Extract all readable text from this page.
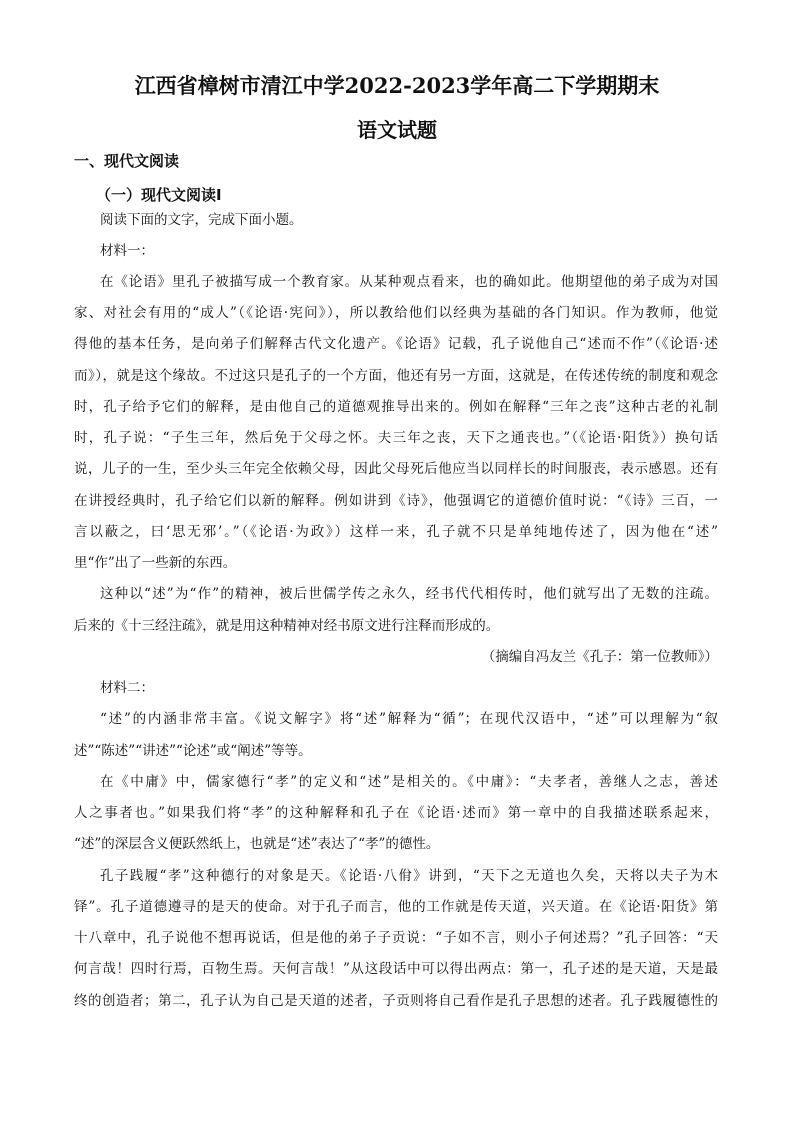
江西省樟树市清江中学2022-2023学年高二下学期期末
语文试题
一、现代文阅读
（一）现代文阅读Ⅰ
阅读下面的文字，完成下面小题。
材料一：
在《论语》里孔子被描写成一个教育家。从某种观点看来，也的确如此。他期望他的弟子成为对国
家、对社会有用的“成人”（《论语·宪问》），所以教给他们以经典为基础的各门知识。作为教师，他觉
得他的基本任务，是向弟子们解释古代文化遗产。《论语》记载，孔子说他自己“述而不作”（《论语·述
而》），就是这个缘故。不过这只是孔子的一个方面，他还有另一方面，这就是，在传述传统的制度和观念
时，孔子给予它们的解释，是由他自己的道德观推导出来的。例如在解释“三年之丧”这种古老的礼制
时，孔子说：“子生三年，然后免于父母之怀。夫三年之丧，天下之通丧也。”（《论语·阳货》）换句话
说，儿子的一生，至少头三年完全依赖父母，因此父母死后他应当以同样长的时间服丧，表示感恩。还有
在讲授经典时，孔子给它们以新的解释。例如讲到《诗》，他强调它的道德价值时说：“《诗》三百，一
言以蔽之，曰‘思无邪’。”（《论语·为政》）这样一来，孔子就不只是单纯地传述了，因为他在“述”
里“作”出了一些新的东西。
这种以“述”为“作”的精神，被后世儒学传之永久，经书代代相传时，他们就写出了无数的注疏。
后来的《十三经注疏》，就是用这种精神对经书原文进行注释而形成的。
（摘编自冯友兰《孔子：第一位教师》）
材料二：
“述”的内涵非常丰富。《说文解字》将“述”解释为“循”；在现代汉语中，“述”可以理解为“叙
述”“陈述”“讲述”“论述”或“阐述”等等。
在《中庸》中，儒家德行“孝”的定义和“述”是相关的。《中庸》：“夫孝者，善继人之志，善述
人之事者也。”如果我们将“孝”的这种解释和孔子在《论语·述而》第一章中的自我描述联系起来，
“述”的深层含义便跃然纸上，也就是“述”表达了“孝”的德性。
孔子践履“孝”这种德行的对象是天。《论语·八佾》讲到，“天下之无道也久矣，天将以夫子为木
铎”。孔子道德遵寻的是天的使命。对于孔子而言，他的工作就是传天道，兴天道。在《论语·阳货》第
十八章中，孔子说他不想再说话，但是他的弟子子贡说：“子如不言，则小子何述焉？”孔子回答：“天
何言哉！四时行焉，百物生焉。天何言哉！”从这段话中可以得出两点：第一，孔子述的是天道，天是最
终的创造者；第二，孔子认为自己是天道的述者，子贡则将自己看作是孔子思想的述者。孔子践履德性的
